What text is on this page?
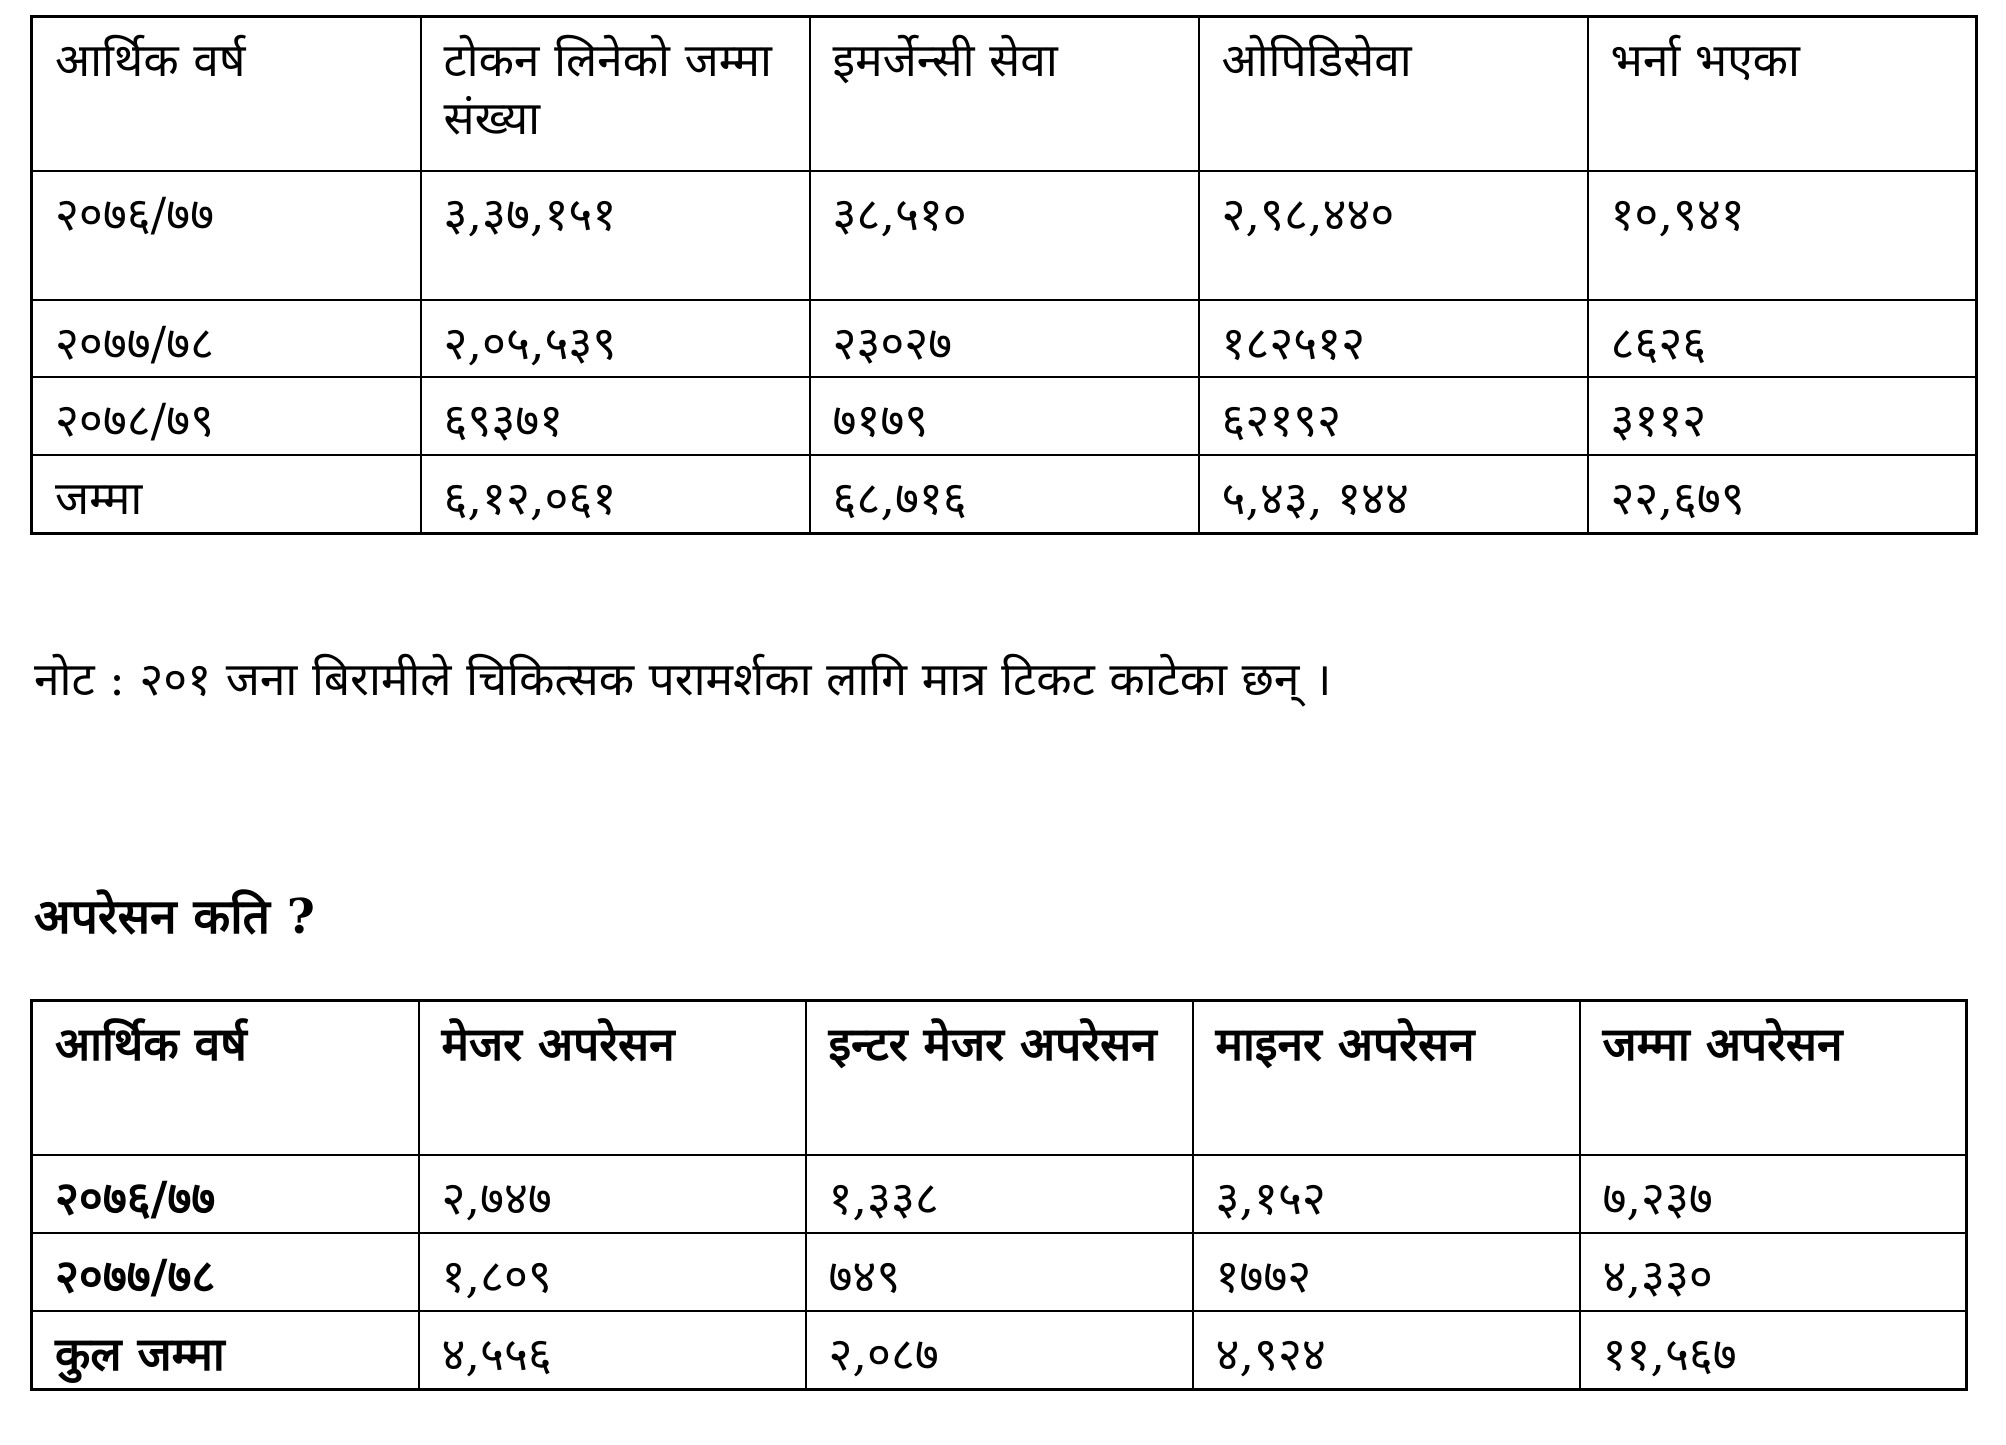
आर्थिक वर्ष	टोकन लिनेको जम्मा संख्या	इमर्जेन्सी सेवा	ओपिडिसेवा	भर्ना भएका
२०७६/७७	३,३७,१५१	३८,५१०	२,९८,४४०	१०,९४१
२०७७/७८	२,०५,५३९	२३०२७	१८२५१२	८६२६
२०७८/७९	६९३७१	७१७९	६२१९२	३११२
जम्मा	६,१२,०६१	६८,७१६	५,४३, १४४	२२,६७९

नोट : २०१ जना बिरामीले चिकित्सक परामर्शका लागि मात्र टिकट काटेका छन् ।

अपरेसन कति ?

आर्थिक वर्ष	मेजर अपरेसन	इन्टर मेजर अपरेसन	माइनर अपरेसन	जम्मा अपरेसन
२०७६/७७	२,७४७	१,३३८	३,१५२	७,२३७
२०७७/७८	१,८०९	७४९	१७७२	४,३३०
कुल जम्मा	४,५५६	२,०८७	४,९२४	११,५६७
